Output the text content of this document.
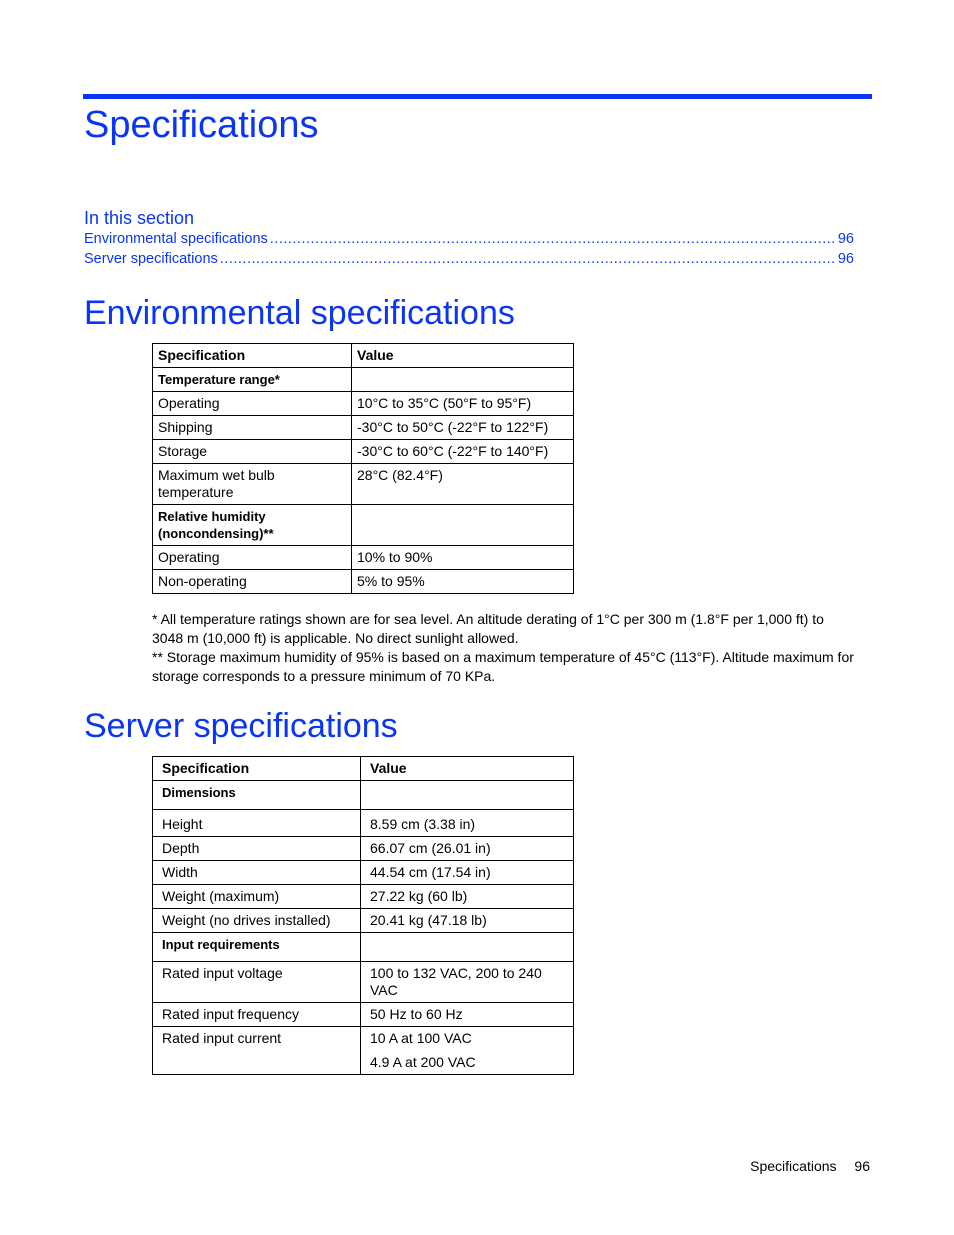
Specifications
In this section
Environmental specifications .....	96
Server specifications .....	96
Environmental specifications
Specification	Value
Temperature range*	
Operating	10°C to 35°C (50°F to 95°F)
Shipping	-30°C to 50°C (-22°F to 122°F)
Storage	-30°C to 60°C (-22°F to 140°F)
Maximum wet bulb temperature	28°C (82.4°F)
Relative humidity (noncondensing)**	
Operating	10% to 90%
Non-operating	5% to 95%

* All temperature ratings shown are for sea level. An altitude derating of 1°C per 300 m (1.8°F per 1,000 ft) to 3048 m (10,000 ft) is applicable. No direct sunlight allowed.

** Storage maximum humidity of 95% is based on a maximum temperature of 45°C (113°F). Altitude maximum for storage corresponds to a pressure minimum of 70 KPa.

Server specifications
Specification	Value
Dimensions	
Height	8.59 cm (3.38 in)
Depth	66.07 cm (26.01 in)
Width	44.54 cm (17.54 in)
Weight (maximum)	27.22 kg (60 lb)
Weight (no drives installed)	20.41 kg (47.18 lb)
Input requirements	
Rated input voltage	100 to 132 VAC, 200 to 240 VAC
Rated input frequency	50 Hz to 60 Hz
Rated input current	10 A at 100 VAC
4.9 A at 200 VAC
Specifications 96
